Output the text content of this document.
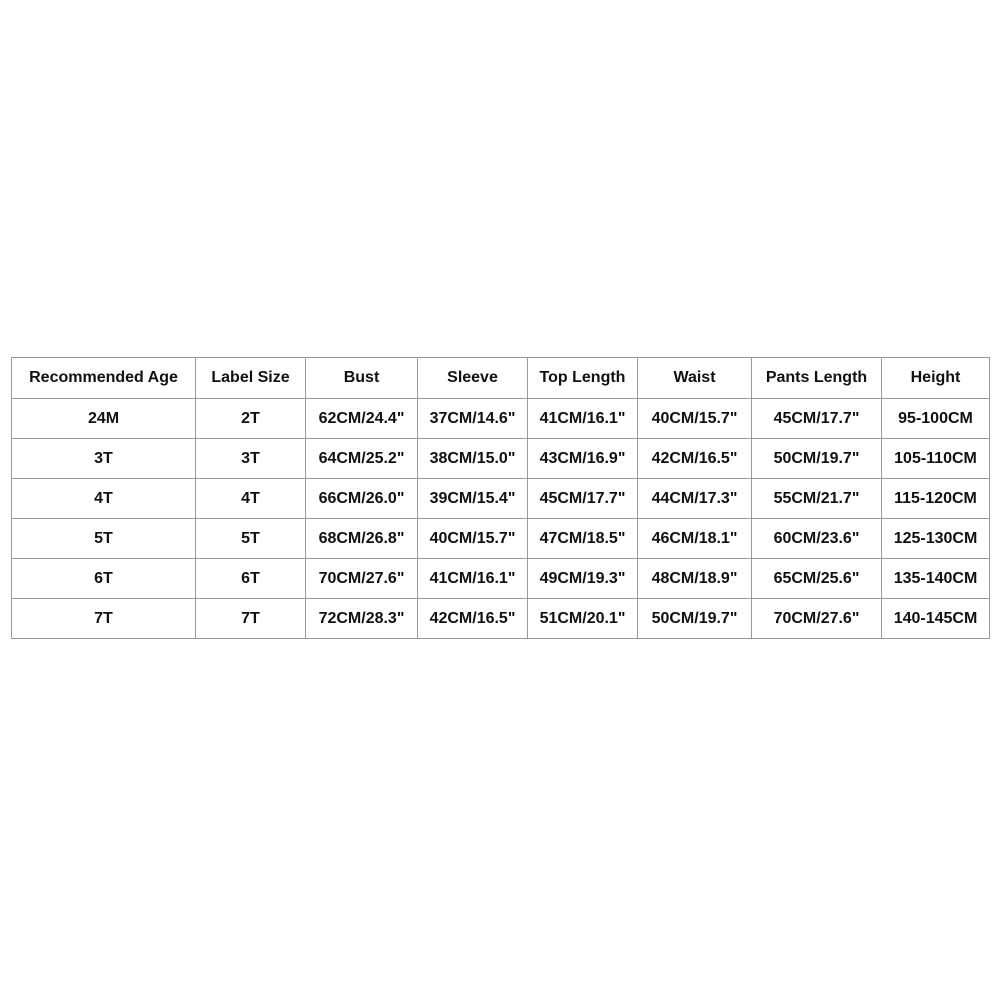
Recommended Age	Label Size	Bust	Sleeve	Top Length	Waist	Pants Length	Height
24M	2T	62CM/24.4"	37CM/14.6"	41CM/16.1"	40CM/15.7"	45CM/17.7"	95-100CM
3T	3T	64CM/25.2"	38CM/15.0"	43CM/16.9"	42CM/16.5"	50CM/19.7"	105-110CM
4T	4T	66CM/26.0"	39CM/15.4"	45CM/17.7"	44CM/17.3"	55CM/21.7"	115-120CM
5T	5T	68CM/26.8"	40CM/15.7"	47CM/18.5"	46CM/18.1"	60CM/23.6"	125-130CM
6T	6T	70CM/27.6"	41CM/16.1"	49CM/19.3"	48CM/18.9"	65CM/25.6"	135-140CM
7T	7T	72CM/28.3"	42CM/16.5"	51CM/20.1"	50CM/19.7"	70CM/27.6"	140-145CM
